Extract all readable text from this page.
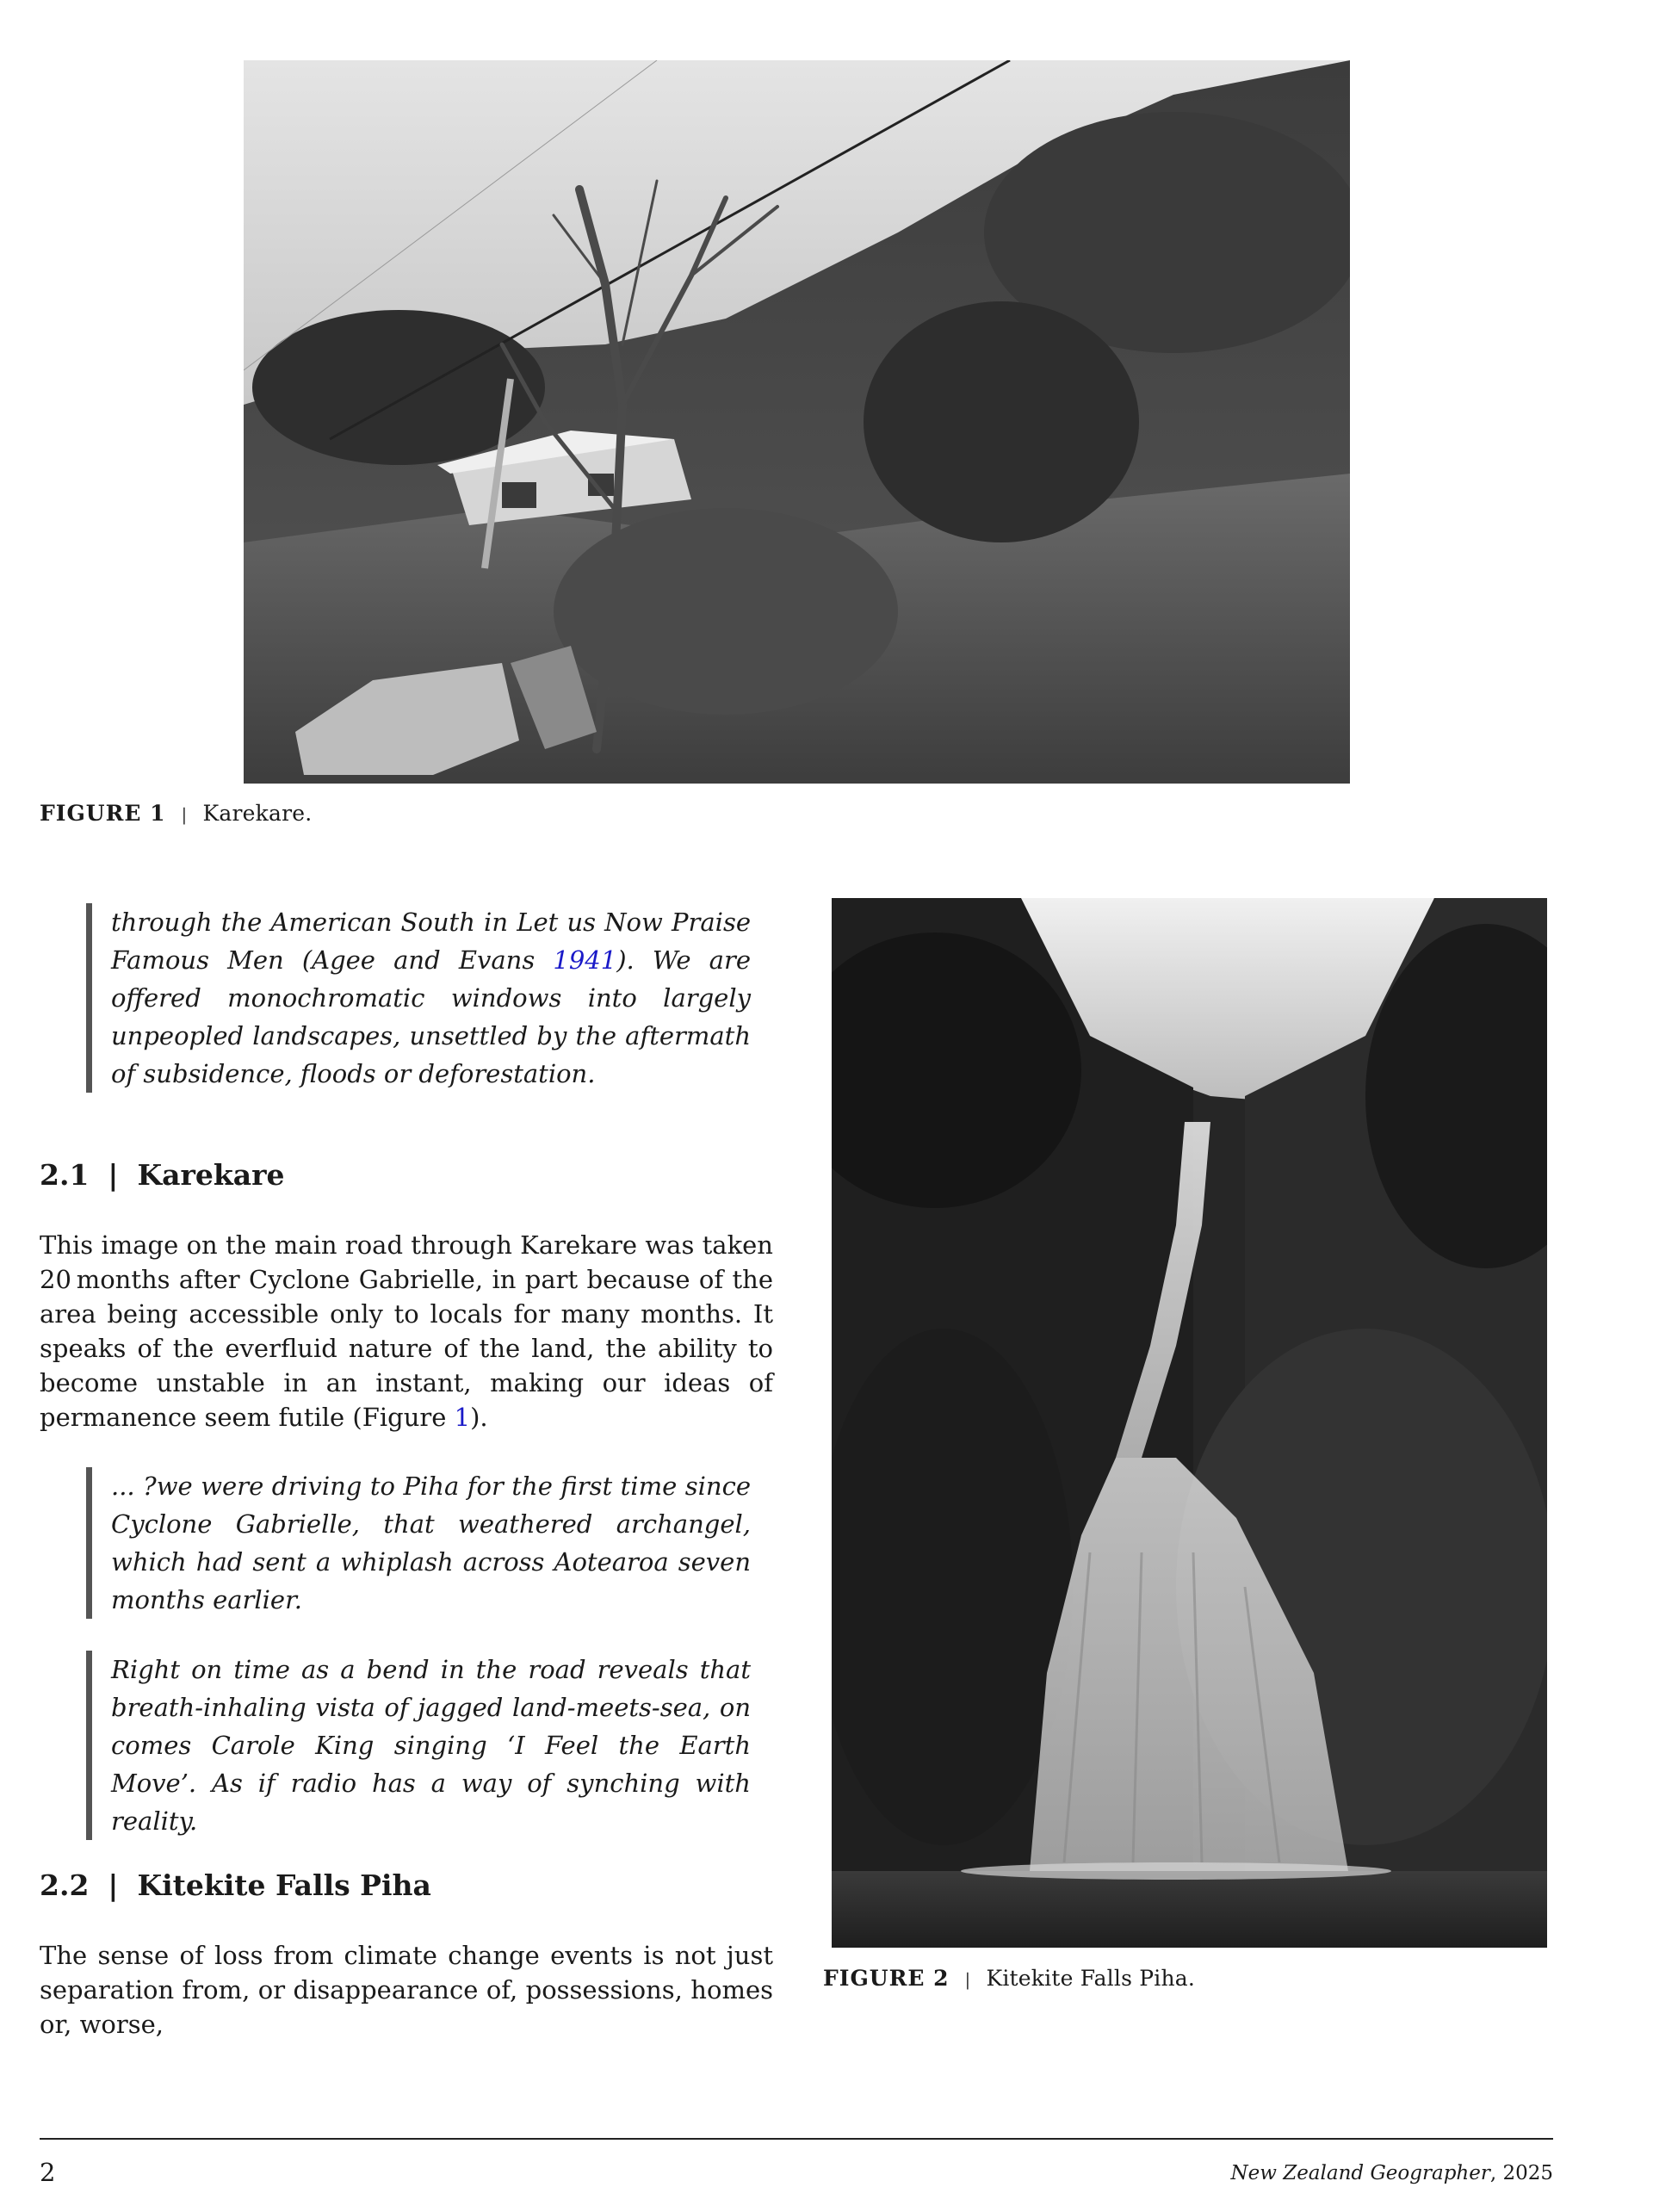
FIGURE 1 | Karekare.

through the American South in Let us Now Praise Famous Men (Agee and Evans 1941). We are offered monochromatic windows into largely unpeopled landscapes, unsettled by the aftermath of subsidence, floods or deforestation.

2.1 | Karekare

This image on the main road through Karekare was taken 20 months after Cyclone Gabrielle, in part because of the area being accessible only to locals for many months. It speaks of the everfluid nature of the land, the ability to become unstable in an instant, making our ideas of permanence seem futile (Figure 1).

... ?we were driving to Piha for the first time since Cyclone Gabrielle, that weathered archangel, which had sent a whiplash across Aotearoa seven months earlier.

Right on time as a bend in the road reveals that breath-inhaling vista of jagged land-meets-sea, on comes Carole King singing ‘I Feel the Earth Move’. As if radio has a way of synching with reality.

2.2 | Kitekite Falls Piha

The sense of loss from climate change events is not just separation from, or disappearance of, possessions, homes or, worse,

FIGURE 2 | Kitekite Falls Piha.
2	New Zealand Geographer, 2025
